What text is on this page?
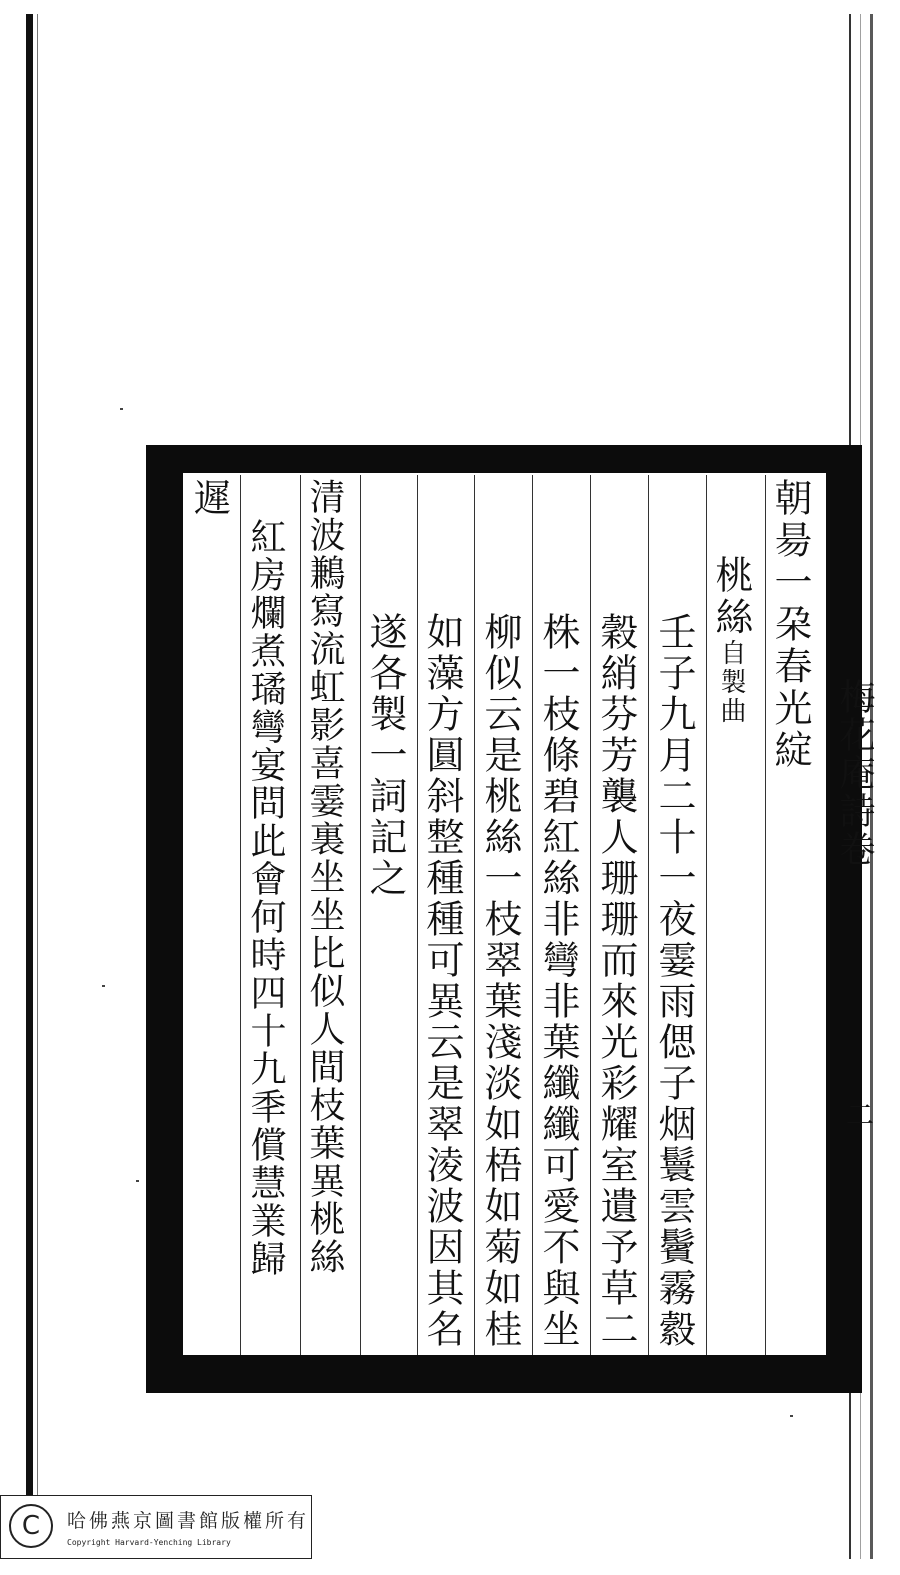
梅花庵詩卷
二
朝昜一朶春光綻
桃絲自製曲
壬子九月二十一夜霎雨偲子烟鬟雲鬢霧縠
穀綃芬芳襲人珊珊而來光彩耀室遺予草二
株一枝條碧紅絲非彎非葉纖纖可愛不與坐
柳似云是桃絲一枝翠葉淺淡如梧如菊如桂
如藻方圓斜整種種可異云是翠淩波因其名
遂各製一詞記之
清波鶼寫流虹影喜霎裏坐坐比似人間枝葉異桃絲
紅房爛煮璚彎宴問此會何時四十九秊償慧業歸
遲
C	哈佛燕京圖書館版權所有
Copyright Harvard-Yenching Library
